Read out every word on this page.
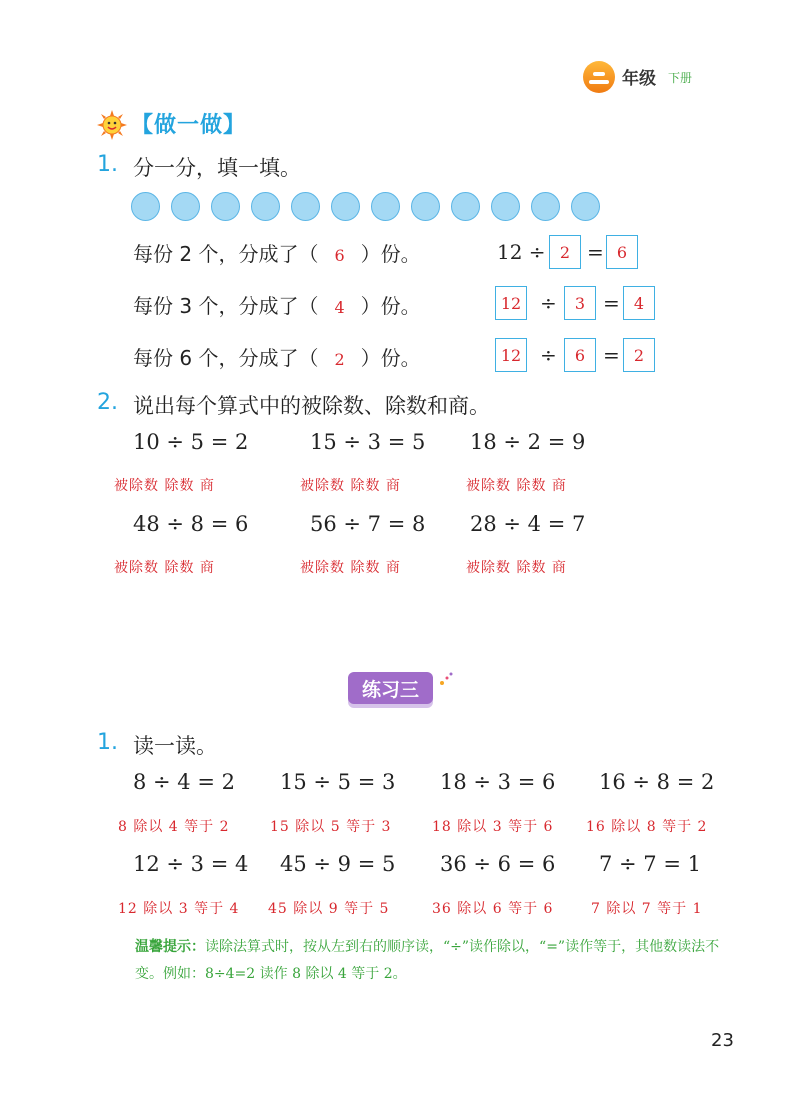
年级 下册
【做一做】
1. 分一分，填一填。
每份 2 个，分成了（ 6 ）份。	12 ÷ 2 = 6
每份 3 个，分成了（ 4 ）份。	12 ÷	3 = 4
每份 6 个，分成了（ 2 ）份。	12 ÷	6 = 2
2. 说出每个算式中的被除数、除数和商。
10 ÷ 5 = 2	15 ÷ 3 = 5 18 ÷ 2 = 9
被除数 除数 商	被除数 除数 商	被除数 除数 商
48 ÷ 8 = 6	56 ÷ 7 = 8 28 ÷ 4 = 7
被除数 除数 商	被除数 除数 商	被除数 除数 商
练习三
1. 读一读。
8 ÷ 4 = 2 15 ÷ 5 = 3 18 ÷ 3 = 6 16 ÷ 8 = 2
8 除以 4 等于 2	15 除以 5 等于 3	18 除以 3 等于 6 16 除以 8 等于 2
12 ÷ 3 = 4 45 ÷ 9 = 5 36 ÷ 6 = 6 7 ÷ 7 = 1
12 除以 3 等于 4 45 除以 9 等于 5	36 除以 6 等于 6	7 除以 7 等于 1
温馨提示：读除法算式时，按从左到右的顺序读，“÷”读作除以，“=”读作等于，其他数读法不变。例如：8÷4=2 读作 8 除以 4 等于 2。
23
